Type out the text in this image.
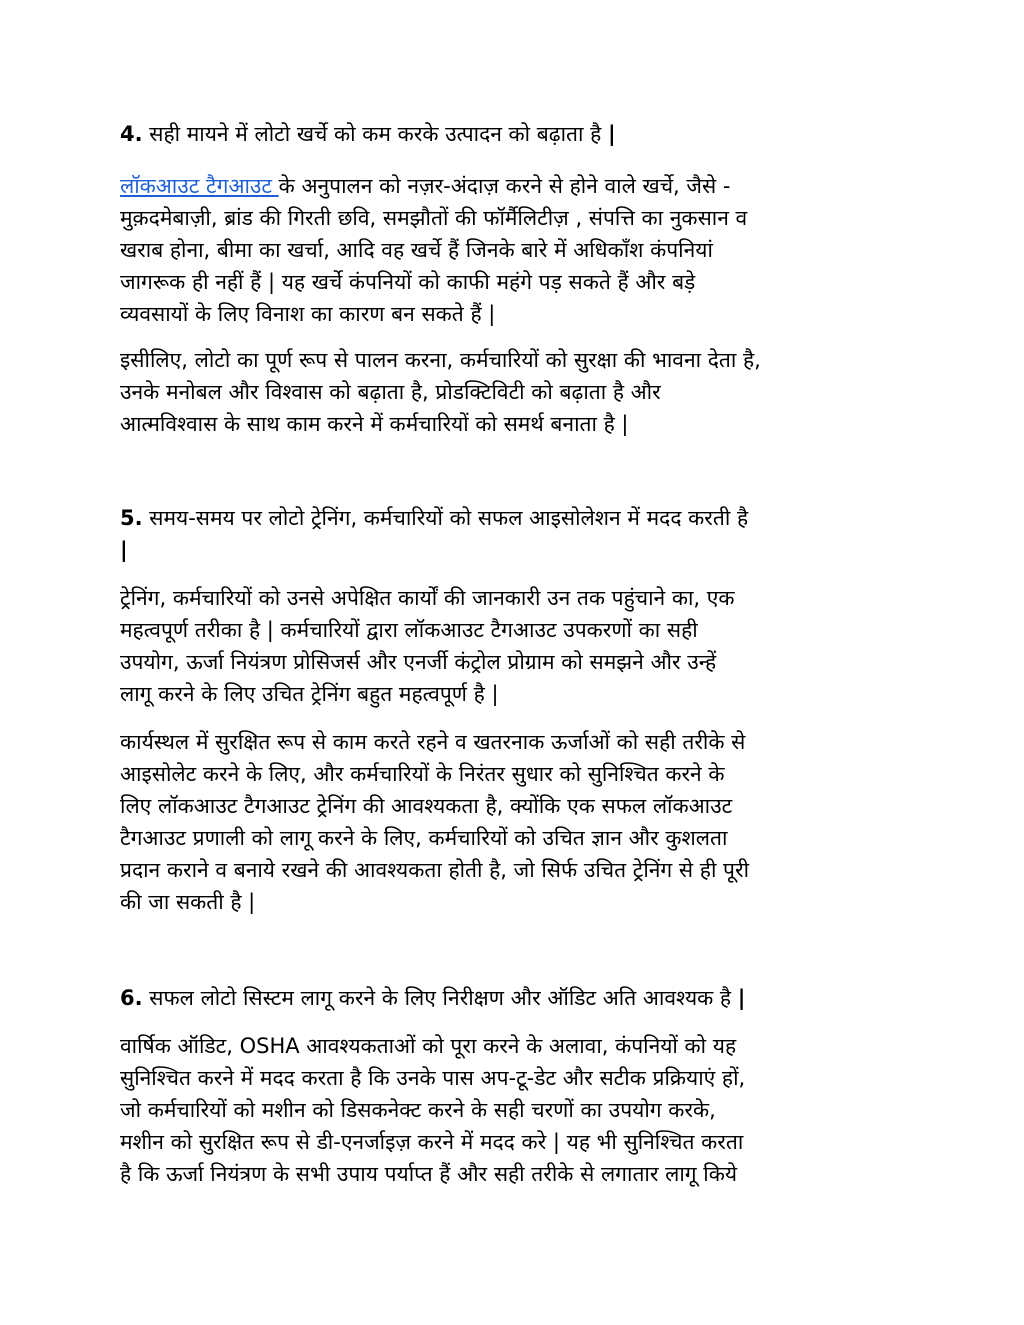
4. सही मायने में लोटो खर्चे को कम करके उत्पादन को बढ़ाता है |
लॉकआउट टैगआउट के अनुपालन को नज़र-अंदाज़ करने से होने वाले खर्चे, जैसे -
मुक़दमेबाज़ी, ब्रांड की गिरती छवि, समझौतों की फॉर्मैलिटीज़ , संपत्ति का नुकसान व
खराब होना, बीमा का खर्चा, आदि वह खर्चे हैं जिनके बारे में अधिकाँश कंपनियां
जागरूक ही नहीं हैं | यह खर्चे कंपनियों को काफी महंगे पड़ सकते हैं और बड़े
व्यवसायों के लिए विनाश का कारण बन सकते हैं |
इसीलिए, लोटो का पूर्ण रूप से पालन करना, कर्मचारियों को सुरक्षा की भावना देता है,
उनके मनोबल और विश्वास को बढ़ाता है, प्रोडक्टिविटी को बढ़ाता है और
आत्मविश्वास के साथ काम करने में कर्मचारियों को समर्थ बनाता है |
5. समय-समय पर लोटो ट्रेनिंग, कर्मचारियों को सफल आइसोलेशन में मदद करती है
|
ट्रेनिंग, कर्मचारियों को उनसे अपेक्षित कार्यों की जानकारी उन तक पहुंचाने का, एक
महत्वपूर्ण तरीका है | कर्मचारियों द्वारा लॉकआउट टैगआउट उपकरणों का सही
उपयोग, ऊर्जा नियंत्रण प्रोसिजर्स और एनर्जी कंट्रोल प्रोग्राम को समझने और उन्हें
लागू करने के लिए उचित ट्रेनिंग बहुत महत्वपूर्ण है |
कार्यस्थल में सुरक्षित रूप से काम करते रहने व खतरनाक ऊर्जाओं को सही तरीके से
आइसोलेट करने के लिए, और कर्मचारियों के निरंतर सुधार को सुनिश्चित करने के
लिए लॉकआउट टैगआउट ट्रेनिंग की आवश्यकता है, क्योंकि एक सफल लॉकआउट
टैगआउट प्रणाली को लागू करने के लिए, कर्मचारियों को उचित ज्ञान और कुशलता
प्रदान कराने व बनाये रखने की आवश्यकता होती है, जो सिर्फ उचित ट्रेनिंग से ही पूरी
की जा सकती है |
6. सफल लोटो सिस्टम लागू करने के लिए निरीक्षण और ऑडिट अति आवश्यक है |
वार्षिक ऑडिट, OSHA आवश्यकताओं को पूरा करने के अलावा, कंपनियों को यह
सुनिश्चित करने में मदद करता है कि उनके पास अप-टू-डेट और सटीक प्रक्रियाएं हों,
जो कर्मचारियों को मशीन को डिसकनेक्ट करने के सही चरणों का उपयोग करके,
मशीन को सुरक्षित रूप से डी-एनर्जाइज़ करने में मदद करे | यह भी सुनिश्चित करता
है कि ऊर्जा नियंत्रण के सभी उपाय पर्याप्त हैं और सही तरीके से लगातार लागू किये
